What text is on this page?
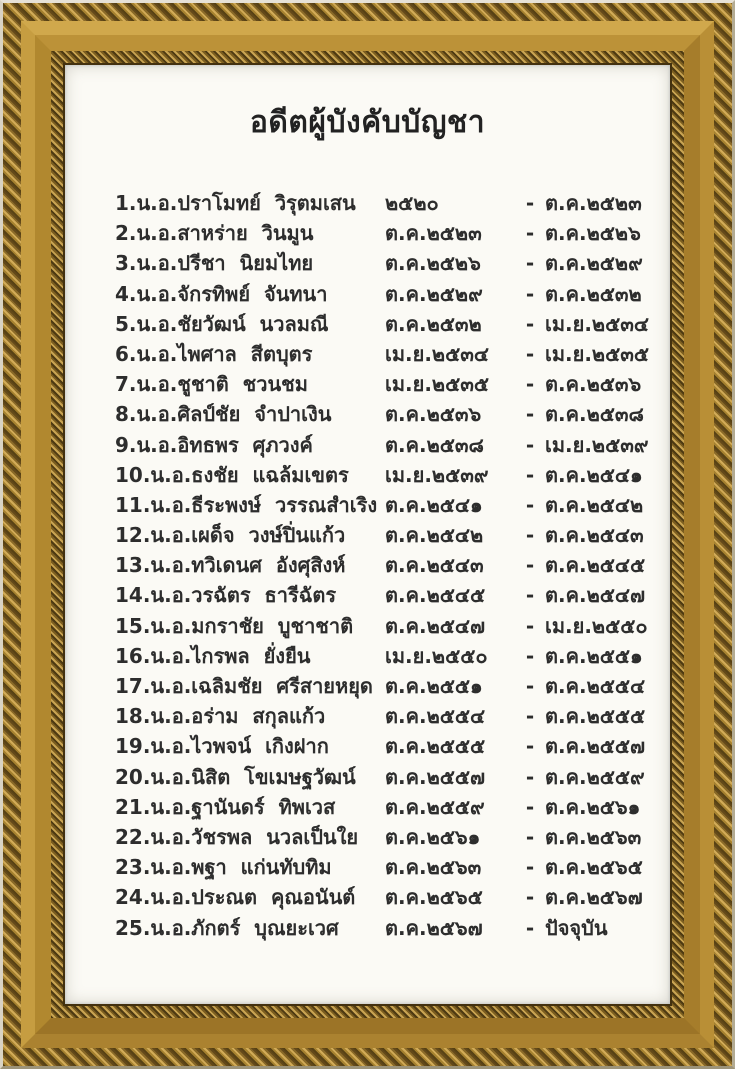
อดีตผู้บังคับบัญชา
1.น.อ.ปราโมทย์  วิรุตมเสน	๒๕๒๐	- ต.ค.๒๕๒๓
2.น.อ.สาหร่าย  วินมูน	ต.ค.๒๕๒๓	- ต.ค.๒๕๒๖
3.น.อ.ปรีชา  นิยมไทย	ต.ค.๒๕๒๖	- ต.ค.๒๕๒๙
4.น.อ.จักรทิพย์  จันทนา	ต.ค.๒๕๒๙	- ต.ค.๒๕๓๒
5.น.อ.ชัยวัฒน์  นวลมณี	ต.ค.๒๕๓๒	- เม.ย.๒๕๓๔
6.น.อ.ไพศาล  สีตบุตร	เม.ย.๒๕๓๔	- เม.ย.๒๕๓๕
7.น.อ.ชูชาติ  ชวนชม	เม.ย.๒๕๓๕	- ต.ค.๒๕๓๖
8.น.อ.ศิลป์ชัย  จำปาเงิน	ต.ค.๒๕๓๖	- ต.ค.๒๕๓๘
9.น.อ.อิทธพร  ศุภวงค์	ต.ค.๒๕๓๘	- เม.ย.๒๕๓๙
10.น.อ.ธงชัย  แฉล้มเขตร	เม.ย.๒๕๓๙	- ต.ค.๒๕๔๑
11.น.อ.ธีระพงษ์  วรรณสำเริง ต.ค.๒๕๔๑	- ต.ค.๒๕๔๒
12.น.อ.เผด็จ  วงษ์ปิ่นแก้ว	ต.ค.๒๕๔๒	- ต.ค.๒๕๔๓
13.น.อ.ทวิเดนศ  อังศุสิงห์	ต.ค.๒๕๔๓	- ต.ค.๒๕๔๕
14.น.อ.วรฉัตร  ธารีฉัตร	ต.ค.๒๕๔๕	- ต.ค.๒๕๔๗
15.น.อ.มกราชัย  บูชาชาติ	ต.ค.๒๕๔๗	- เม.ย.๒๕๕๐
16.น.อ.ไกรพล  ยั่งยืน	เม.ย.๒๕๕๐	- ต.ค.๒๕๕๑
17.น.อ.เฉลิมชัย  ศรีสายหยุด ต.ค.๒๕๕๑	- ต.ค.๒๕๕๔
18.น.อ.อร่าม  สกุลแก้ว	ต.ค.๒๕๕๔	- ต.ค.๒๕๕๕
19.น.อ.ไวพจน์  เกิงฝาก	ต.ค.๒๕๕๕	- ต.ค.๒๕๕๗
20.น.อ.นิสิต  โขเมษฐวัฒน์	ต.ค.๒๕๕๗	- ต.ค.๒๕๕๙
21.น.อ.ฐานันดร์  ทิพเวส	ต.ค.๒๕๕๙	- ต.ค.๒๕๖๑
22.น.อ.วัชรพล  นวลเป็นใย	ต.ค.๒๕๖๑	- ต.ค.๒๕๖๓
23.น.อ.พฐา  แก่นทับทิม	ต.ค.๒๕๖๓	- ต.ค.๒๕๖๕
24.น.อ.ประณต  คุณอนันต์	ต.ค.๒๕๖๕	- ต.ค.๒๕๖๗
25.น.อ.ภักตร์  บุณยะเวศ	ต.ค.๒๕๖๗	- ปัจจุบัน
